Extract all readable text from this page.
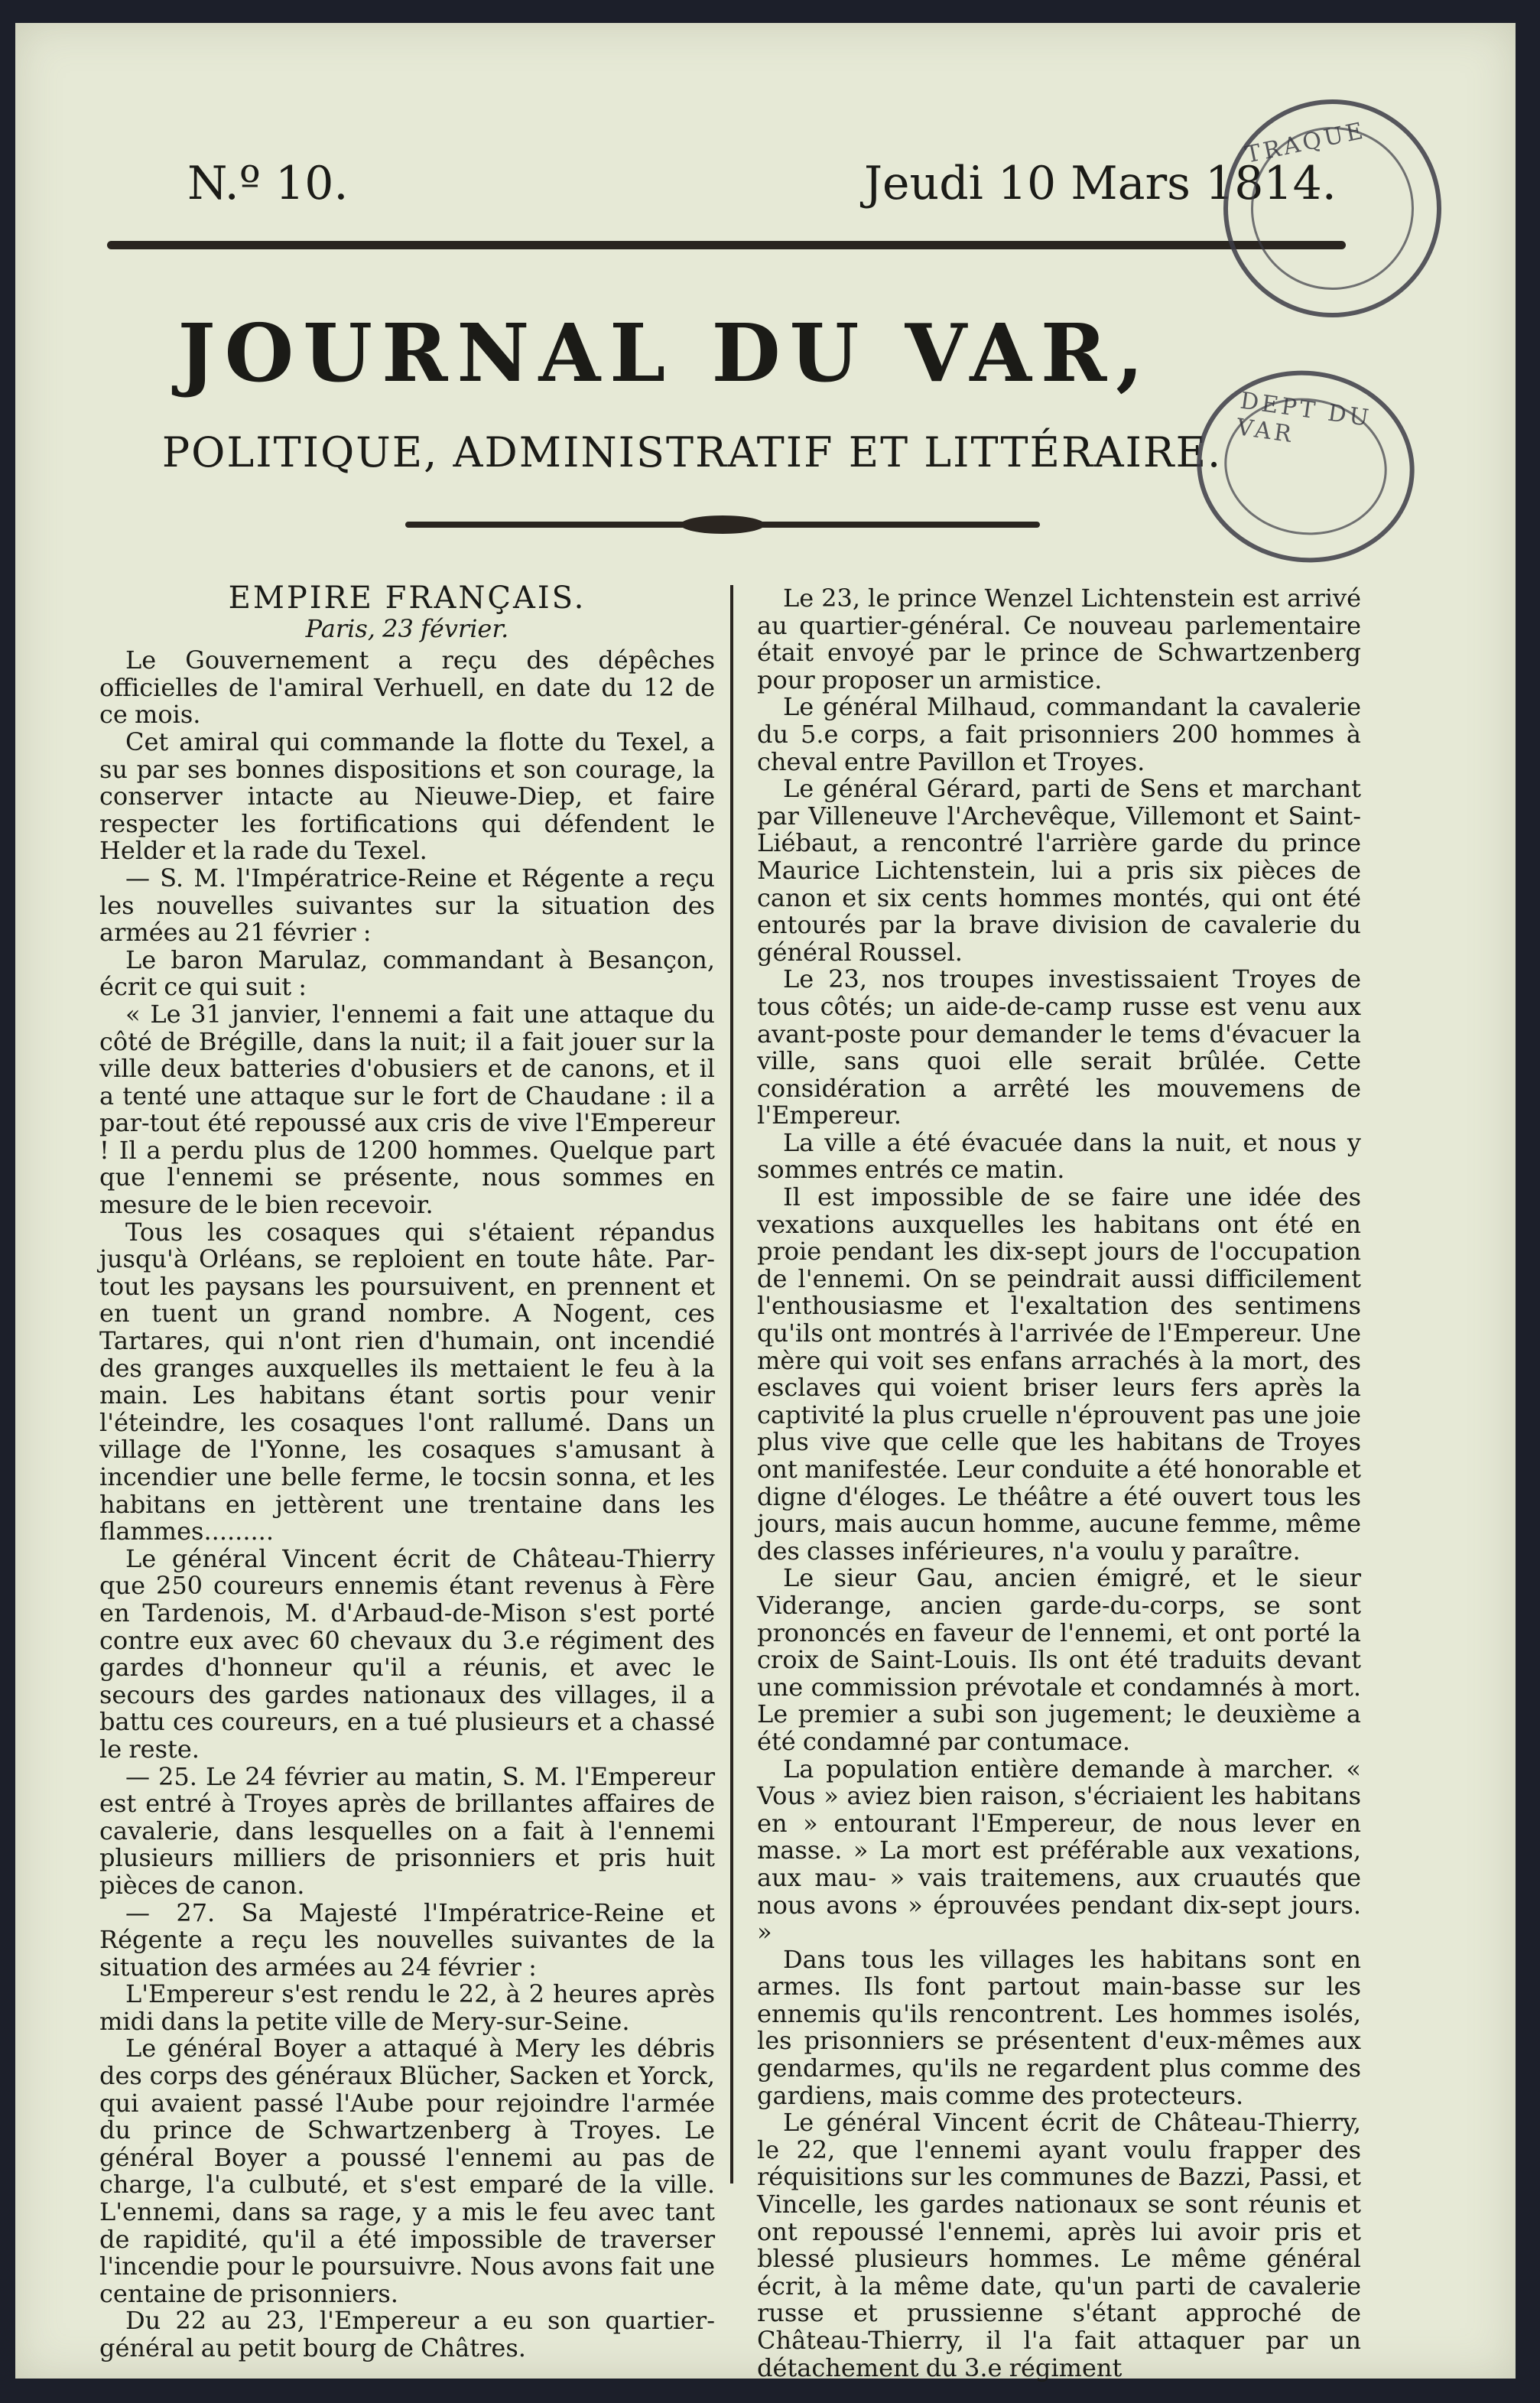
N.º 10.	Jeudi 10 Mars 1814.
JOURNAL DU VAR,
POLITIQUE, ADMINISTRATIF ET LITTÉRAIRE.
TRAQUE
DEPT DU VAR
EMPIRE FRANÇAIS.
Paris, 23 février.

Le Gouvernement a reçu des dépêches officielles de l'amiral Verhuell, en date du 12 de ce mois.

Cet amiral qui commande la flotte du Texel, a su par ses bonnes dispositions et son courage, la conserver intacte au Nieuwe-Diep, et faire respecter les fortifications qui défendent le Helder et la rade du Texel.

— S. M. l'Impératrice-Reine et Régente a reçu les nouvelles suivantes sur la situation des armées au 21 février :

Le baron Marulaz, commandant à Besançon, écrit ce qui suit :

« Le 31 janvier, l'ennemi a fait une attaque du côté de Brégille, dans la nuit; il a fait jouer sur la ville deux batteries d'obusiers et de canons, et il a tenté une attaque sur le fort de Chaudane : il a par-tout été repoussé aux cris de vive l'Empereur ! Il a perdu plus de 1200 hommes. Quelque part que l'ennemi se présente, nous sommes en mesure de le bien recevoir.

Tous les cosaques qui s'étaient répandus jusqu'à Orléans, se reploient en toute hâte. Par-tout les paysans les poursuivent, en prennent et en tuent un grand nombre. A Nogent, ces Tartares, qui n'ont rien d'humain, ont incendié des granges auxquelles ils mettaient le feu à la main. Les habitans étant sortis pour venir l'éteindre, les cosaques l'ont rallumé. Dans un village de l'Yonne, les cosaques s'amusant à incendier une belle ferme, le tocsin sonna, et les habitans en jettèrent une trentaine dans les flammes.........

Le général Vincent écrit de Château-Thierry que 250 coureurs ennemis étant revenus à Fère en Tardenois, M. d'Arbaud-de-Mison s'est porté contre eux avec 60 chevaux du 3.e régiment des gardes d'honneur qu'il a réunis, et avec le secours des gardes nationaux des villages, il a battu ces coureurs, en a tué plusieurs et a chassé le reste.

— 25. Le 24 février au matin, S. M. l'Empereur est entré à Troyes après de brillantes affaires de cavalerie, dans lesquelles on a fait à l'ennemi plusieurs milliers de prisonniers et pris huit pièces de canon.

— 27. Sa Majesté l'Impératrice-Reine et Régente a reçu les nouvelles suivantes de la situation des armées au 24 février :

L'Empereur s'est rendu le 22, à 2 heures après midi dans la petite ville de Mery-sur-Seine.

Le général Boyer a attaqué à Mery les débris des corps des généraux Blücher, Sacken et Yorck, qui avaient passé l'Aube pour rejoindre l'armée du prince de Schwartzenberg à Troyes. Le général Boyer a poussé l'ennemi au pas de charge, l'a culbuté, et s'est emparé de la ville. L'ennemi, dans sa rage, y a mis le feu avec tant de rapidité, qu'il a été impossible de traverser l'incendie pour le poursuivre. Nous avons fait une centaine de prisonniers.

Du 22 au 23, l'Empereur a eu son quartier-général au petit bourg de Châtres.

Le 23, le prince Wenzel Lichtenstein est arrivé au quartier-général. Ce nouveau parlementaire était envoyé par le prince de Schwartzenberg pour proposer un armistice.

Le général Milhaud, commandant la cavalerie du 5.e corps, a fait prisonniers 200 hommes à cheval entre Pavillon et Troyes.

Le général Gérard, parti de Sens et marchant par Villeneuve l'Archevêque, Villemont et Saint-Liébaut, a rencontré l'arrière garde du prince Maurice Lichtenstein, lui a pris six pièces de canon et six cents hommes montés, qui ont été entourés par la brave division de cavalerie du général Roussel.

Le 23, nos troupes investissaient Troyes de tous côtés; un aide-de-camp russe est venu aux avant-poste pour demander le tems d'évacuer la ville, sans quoi elle serait brûlée. Cette considération a arrêté les mouvemens de l'Empereur.

La ville a été évacuée dans la nuit, et nous y sommes entrés ce matin.

Il est impossible de se faire une idée des vexations auxquelles les habitans ont été en proie pendant les dix-sept jours de l'occupation de l'ennemi. On se peindrait aussi difficilement l'enthousiasme et l'exaltation des sentimens qu'ils ont montrés à l'arrivée de l'Empereur. Une mère qui voit ses enfans arrachés à la mort, des esclaves qui voient briser leurs fers après la captivité la plus cruelle n'éprouvent pas une joie plus vive que celle que les habitans de Troyes ont manifestée. Leur conduite a été honorable et digne d'éloges. Le théâtre a été ouvert tous les jours, mais aucun homme, aucune femme, même des classes inférieures, n'a voulu y paraître.

Le sieur Gau, ancien émigré, et le sieur Viderange, ancien garde-du-corps, se sont prononcés en faveur de l'ennemi, et ont porté la croix de Saint-Louis. Ils ont été traduits devant une commission prévotale et condamnés à mort. Le premier a subi son jugement; le deuxième a été condamné par contumace.

La population entière demande à marcher. « Vous » aviez bien raison, s'écriaient les habitans en » entourant l'Empereur, de nous lever en masse. » La mort est préférable aux vexations, aux mau- » vais traitemens, aux cruautés que nous avons » éprouvées pendant dix-sept jours. »

Dans tous les villages les habitans sont en armes. Ils font partout main-basse sur les ennemis qu'ils rencontrent. Les hommes isolés, les prisonniers se présentent d'eux-mêmes aux gendarmes, qu'ils ne regardent plus comme des gardiens, mais comme des protecteurs.

Le général Vincent écrit de Château-Thierry, le 22, que l'ennemi ayant voulu frapper des réquisitions sur les communes de Bazzi, Passi, et Vincelle, les gardes nationaux se sont réunis et ont repoussé l'ennemi, après lui avoir pris et blessé plusieurs hommes. Le même général écrit, à la même date, qu'un parti de cavalerie russe et prussienne s'étant approché de Château-Thierry, il l'a fait attaquer par un détachement du 3.e régiment
